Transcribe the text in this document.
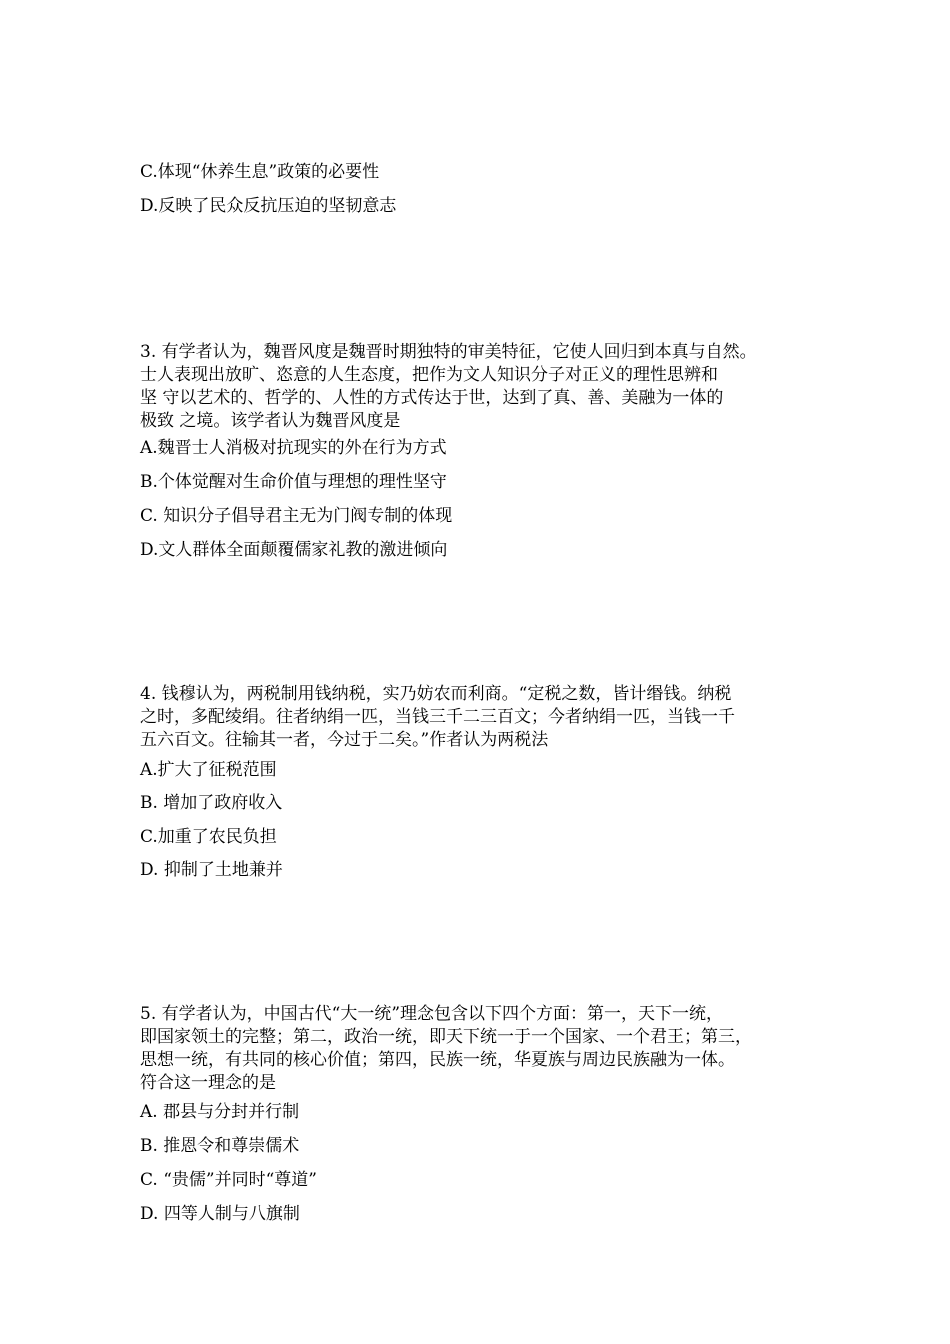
C.体现“休养生息”政策的必要性
D.反映了民众反抗压迫的坚韧意志
3. 有学者认为，魏晋风度是魏晋时期独特的审美特征，它使人回归到本真与自然。
士人表现出放旷、恣意的人生态度，把作为文人知识分子对正义的理性思辨和
坚 守以艺术的、哲学的、人性的方式传达于世，达到了真、善、美融为一体的
极致 之境。该学者认为魏晋风度是
A.魏晋士人消极对抗现实的外在行为方式
B.个体觉醒对生命价值与理想的理性坚守
C. 知识分子倡导君主无为门阀专制的体现
D.文人群体全面颠覆儒家礼教的激进倾向
4. 钱穆认为，两税制用钱纳税，实乃妨农而利商。“定税之数，皆计缗钱。纳税
之时，多配绫绢。往者纳绢一匹，当钱三千二三百文；今者纳绢一匹，当钱一千
五六百文。往输其一者，今过于二矣。”作者认为两税法
A.扩大了征税范围
B. 增加了政府收入
C.加重了农民负担
D. 抑制了土地兼并
5. 有学者认为，中国古代“大一统”理念包含以下四个方面：第一，天下一统，
即国家领土的完整；第二，政治一统，即天下统一于一个国家、一个君王；第三，
思想一统，有共同的核心价值；第四，民族一统，华夏族与周边民族融为一体。
符合这一理念的是
A. 郡县与分封并行制
B. 推恩令和尊崇儒术
C. “贵儒”并同时“尊道”
D. 四等人制与八旗制
